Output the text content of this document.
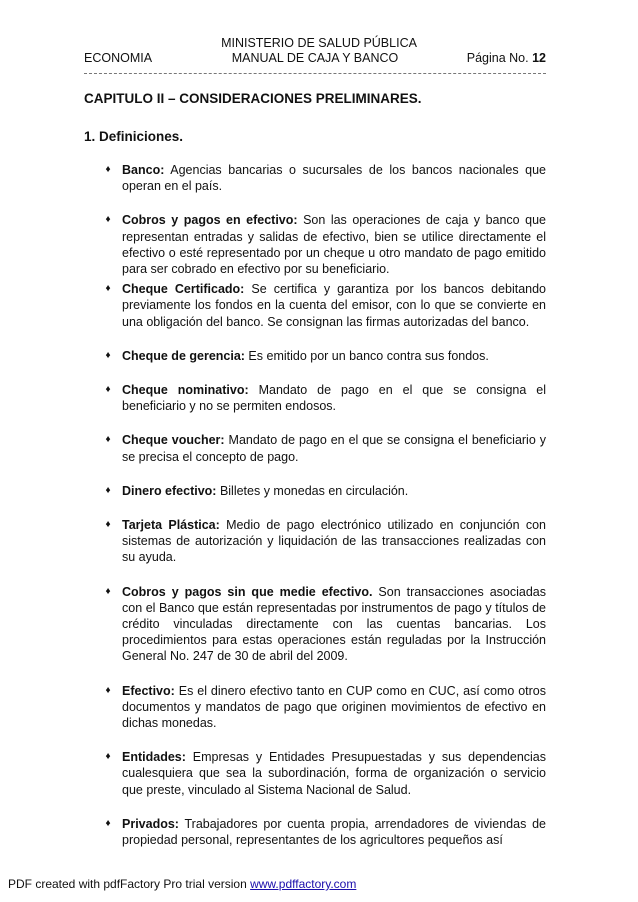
MINISTERIO DE SALUD PÚBLICA
ECONOMIA	MANUAL DE CAJA Y BANCO	Página No. 12
CAPITULO II – CONSIDERACIONES PRELIMINARES.
1. Definiciones.
♦ Banco: Agencias bancarias o sucursales de los bancos nacionales que operan en el país.
♦ Cobros y pagos en efectivo: Son las operaciones de caja y banco que representan entradas y salidas de efectivo, bien se utilice directamente el efectivo o esté representado por un cheque u otro mandato de pago emitido para ser cobrado en efectivo por su beneficiario.
♦ Cheque Certificado: Se certifica y garantiza por los bancos debitando previamente los fondos en la cuenta del emisor, con lo que se convierte en una obligación del banco. Se consignan las firmas autorizadas del banco.
♦ Cheque de gerencia: Es emitido por un banco contra sus fondos.
♦ Cheque nominativo: Mandato de pago en el que se consigna el beneficiario y no se permiten endosos.
♦ Cheque voucher: Mandato de pago en el que se consigna el beneficiario y se precisa el concepto de pago.
♦ Dinero efectivo: Billetes y monedas en circulación.
♦ Tarjeta Plástica: Medio de pago electrónico utilizado en conjunción con sistemas de autorización y liquidación de las transacciones realizadas con su ayuda.
♦ Cobros y pagos sin que medie efectivo. Son transacciones asociadas con el Banco que están representadas por instrumentos de pago y títulos de crédito vinculadas directamente con las cuentas bancarias. Los procedimientos para estas operaciones están reguladas por la Instrucción General No. 247 de 30 de abril del 2009.
♦ Efectivo: Es el dinero efectivo tanto en CUP como en CUC, así como otros documentos y mandatos de pago que originen movimientos de efectivo en dichas monedas.
♦ Entidades: Empresas y Entidades Presupuestadas y sus dependencias cualesquiera que sea la subordinación, forma de organización o servicio que preste, vinculado al Sistema Nacional de Salud.
♦ Privados: Trabajadores por cuenta propia, arrendadores de viviendas de propiedad personal, representantes de los agricultores pequeños así
PDF created with pdfFactory Pro trial version www.pdffactory.com
